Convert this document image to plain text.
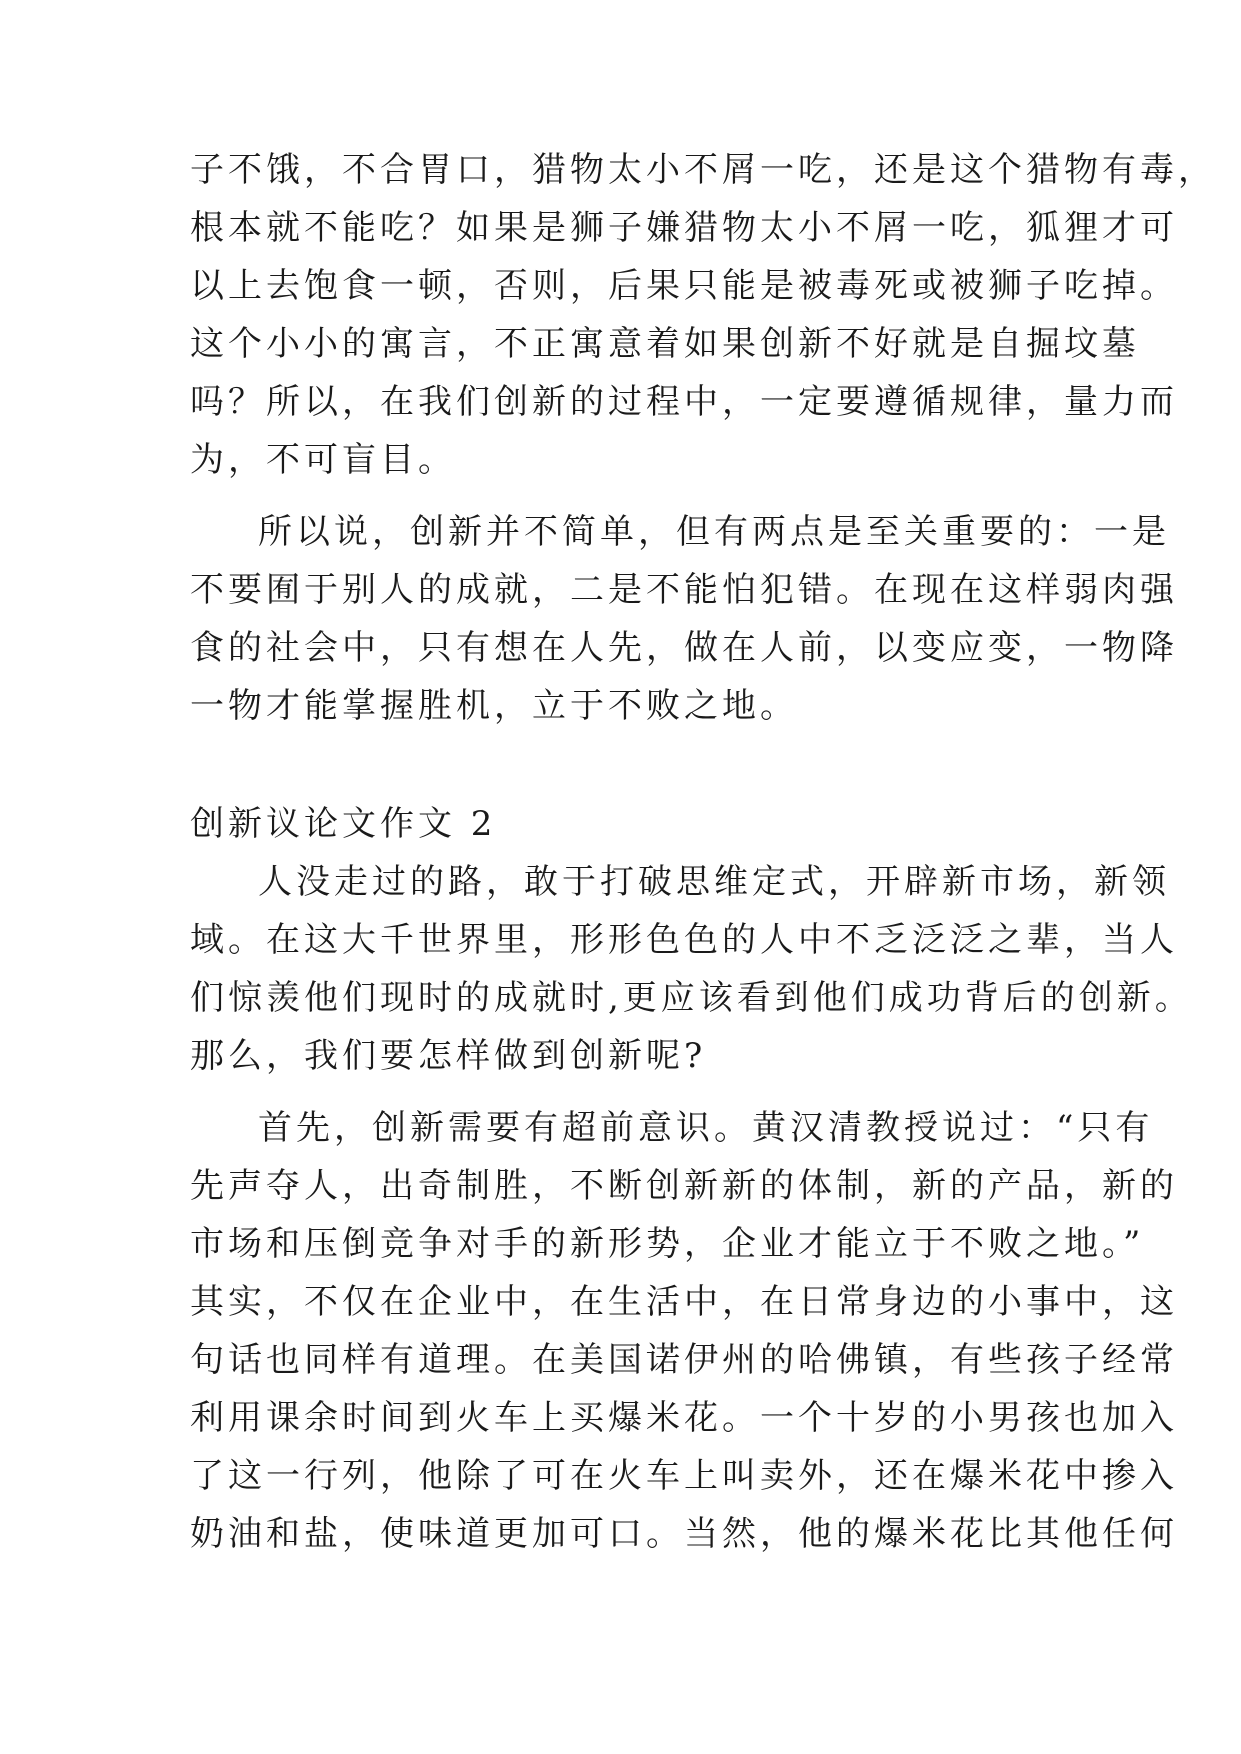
子不饿，不合胃口，猎物太小不屑一吃，还是这个猎物有毒，
根本就不能吃？如果是狮子嫌猎物太小不屑一吃，狐狸才可
以上去饱食一顿，否则，后果只能是被毒死或被狮子吃掉。
这个小小的寓言，不正寓意着如果创新不好就是自掘坟墓
吗？所以，在我们创新的过程中，一定要遵循规律，量力而
为，不可盲目。
所以说，创新并不简单，但有两点是至关重要的：一是
不要囿于别人的成就，二是不能怕犯错。在现在这样弱肉强
食的社会中，只有想在人先，做在人前，以变应变，一物降
一物才能掌握胜机，立于不败之地。
创新议论文作文 2
人没走过的路，敢于打破思维定式，开辟新市场，新领
域。在这大千世界里，形形色色的人中不乏泛泛之辈，当人
们惊羡他们现时的成就时,更应该看到他们成功背后的创新。
那么，我们要怎样做到创新呢?
首先，创新需要有超前意识。黄汉清教授说过：“只有
先声夺人，出奇制胜，不断创新新的体制，新的产品，新的
市场和压倒竞争对手的新形势，企业才能立于不败之地。”
其实，不仅在企业中，在生活中，在日常身边的小事中，这
句话也同样有道理。在美国诺伊州的哈佛镇，有些孩子经常
利用课余时间到火车上买爆米花。一个十岁的小男孩也加入
了这一行列，他除了可在火车上叫卖外，还在爆米花中掺入
奶油和盐，使味道更加可口。当然，他的爆米花比其他任何
